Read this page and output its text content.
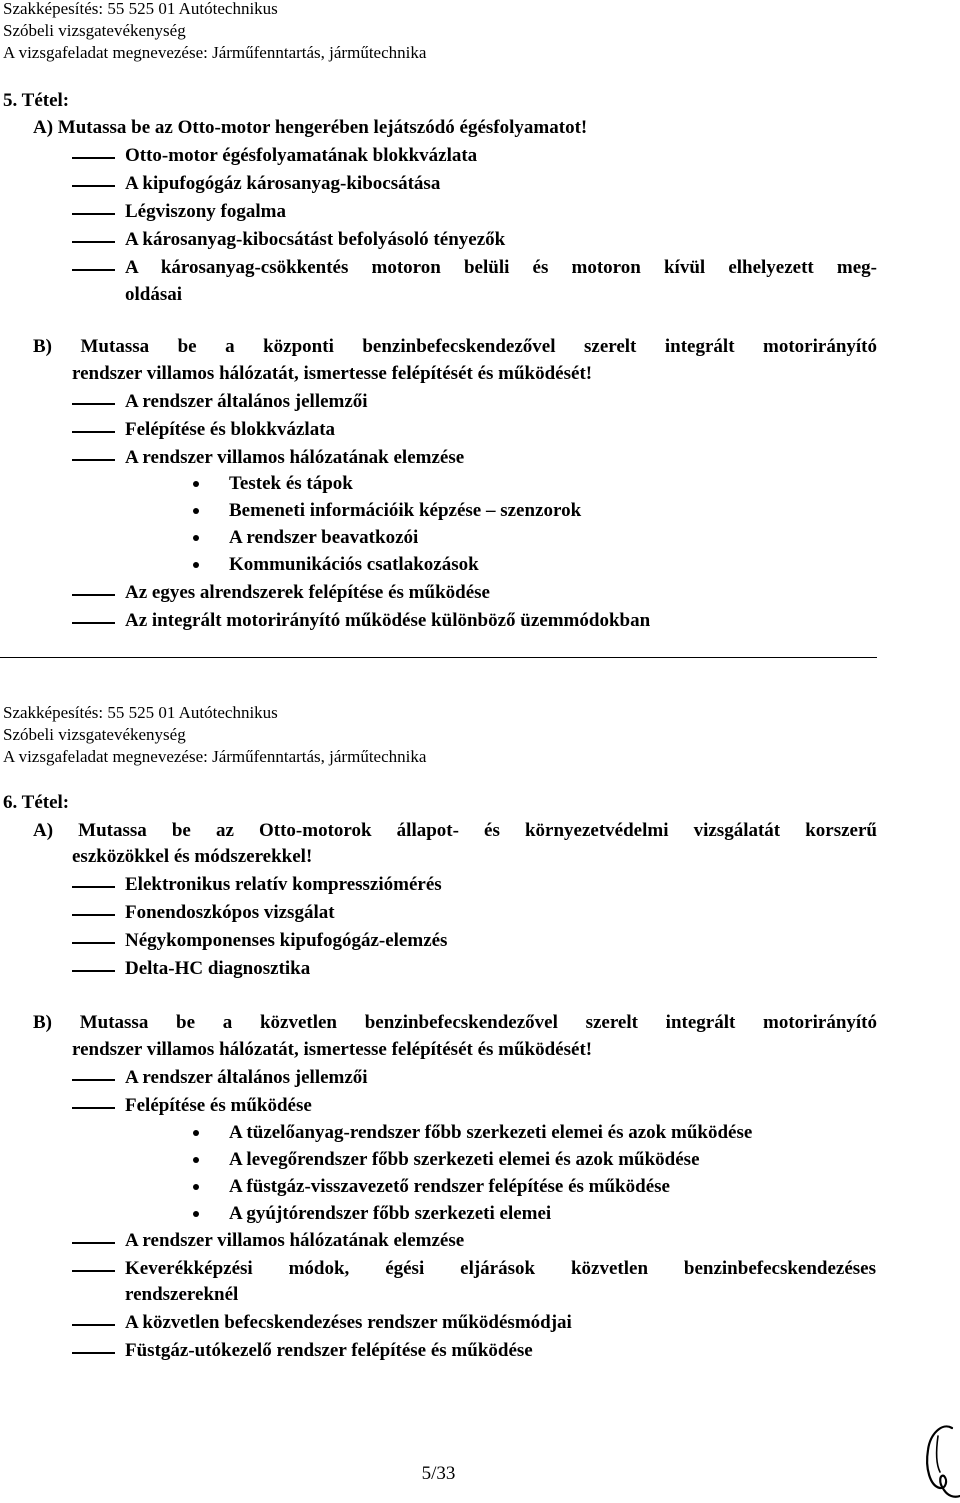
Szakképesítés: 55 525 01 Autótechnikus
Szóbeli vizsgatevékenység
A vizsgafeladat megnevezése: Járműfenntartás, járműtechnika
5. Tétel:
A) Mutassa be az Otto-motor hengerében lejátszódó égésfolyamatot!
Otto-motor égésfolyamatának blokkvázlata
A kipufogógáz károsanyag-kibocsátása
Légviszony fogalma
A károsanyag-kibocsátást befolyásoló tényezők
A károsanyag-csökkentés motoron belüli és motoron kívül elhelyezett meg-
oldásai
B) Mutassa be a központi benzinbefecskendezővel szerelt integrált motorirányító
rendszer villamos hálózatát, ismertesse felépítését és működését!
A rendszer általános jellemzői
Felépítése és blokkvázlata
A rendszer villamos hálózatának elemzése
Testek és tápok
Bemeneti információik képzése – szenzorok
A rendszer beavatkozói
Kommunikációs csatlakozások
Az egyes alrendszerek felépítése és működése
Az integrált motorirányító működése különböző üzemmódokban
Szakképesítés: 55 525 01 Autótechnikus
Szóbeli vizsgatevékenység
A vizsgafeladat megnevezése: Járműfenntartás, járműtechnika
6. Tétel:
A) Mutassa be az Otto-motorok állapot- és környezetvédelmi vizsgálatát korszerű
eszközökkel és módszerekkel!
Elektronikus relatív kompressziómérés
Fonendoszkópos vizsgálat
Négykomponenses kipufogógáz-elemzés
Delta-HC diagnosztika
B) Mutassa be a közvetlen benzinbefecskendezővel szerelt integrált motorirányító
rendszer villamos hálózatát, ismertesse felépítését és működését!
A rendszer általános jellemzői
Felépítése és működése
A tüzelőanyag-rendszer főbb szerkezeti elemei és azok működése
A levegőrendszer főbb szerkezeti elemei és azok működése
A füstgáz-visszavezető rendszer felépítése és működése
A gyújtórendszer főbb szerkezeti elemei
A rendszer villamos hálózatának elemzése
Keverékképzési módok, égési eljárások közvetlen benzinbefecskendezéses
rendszereknél
A közvetlen befecskendezéses rendszer működésmódjai
Füstgáz-utókezelő rendszer felépítése és működése
5/33
